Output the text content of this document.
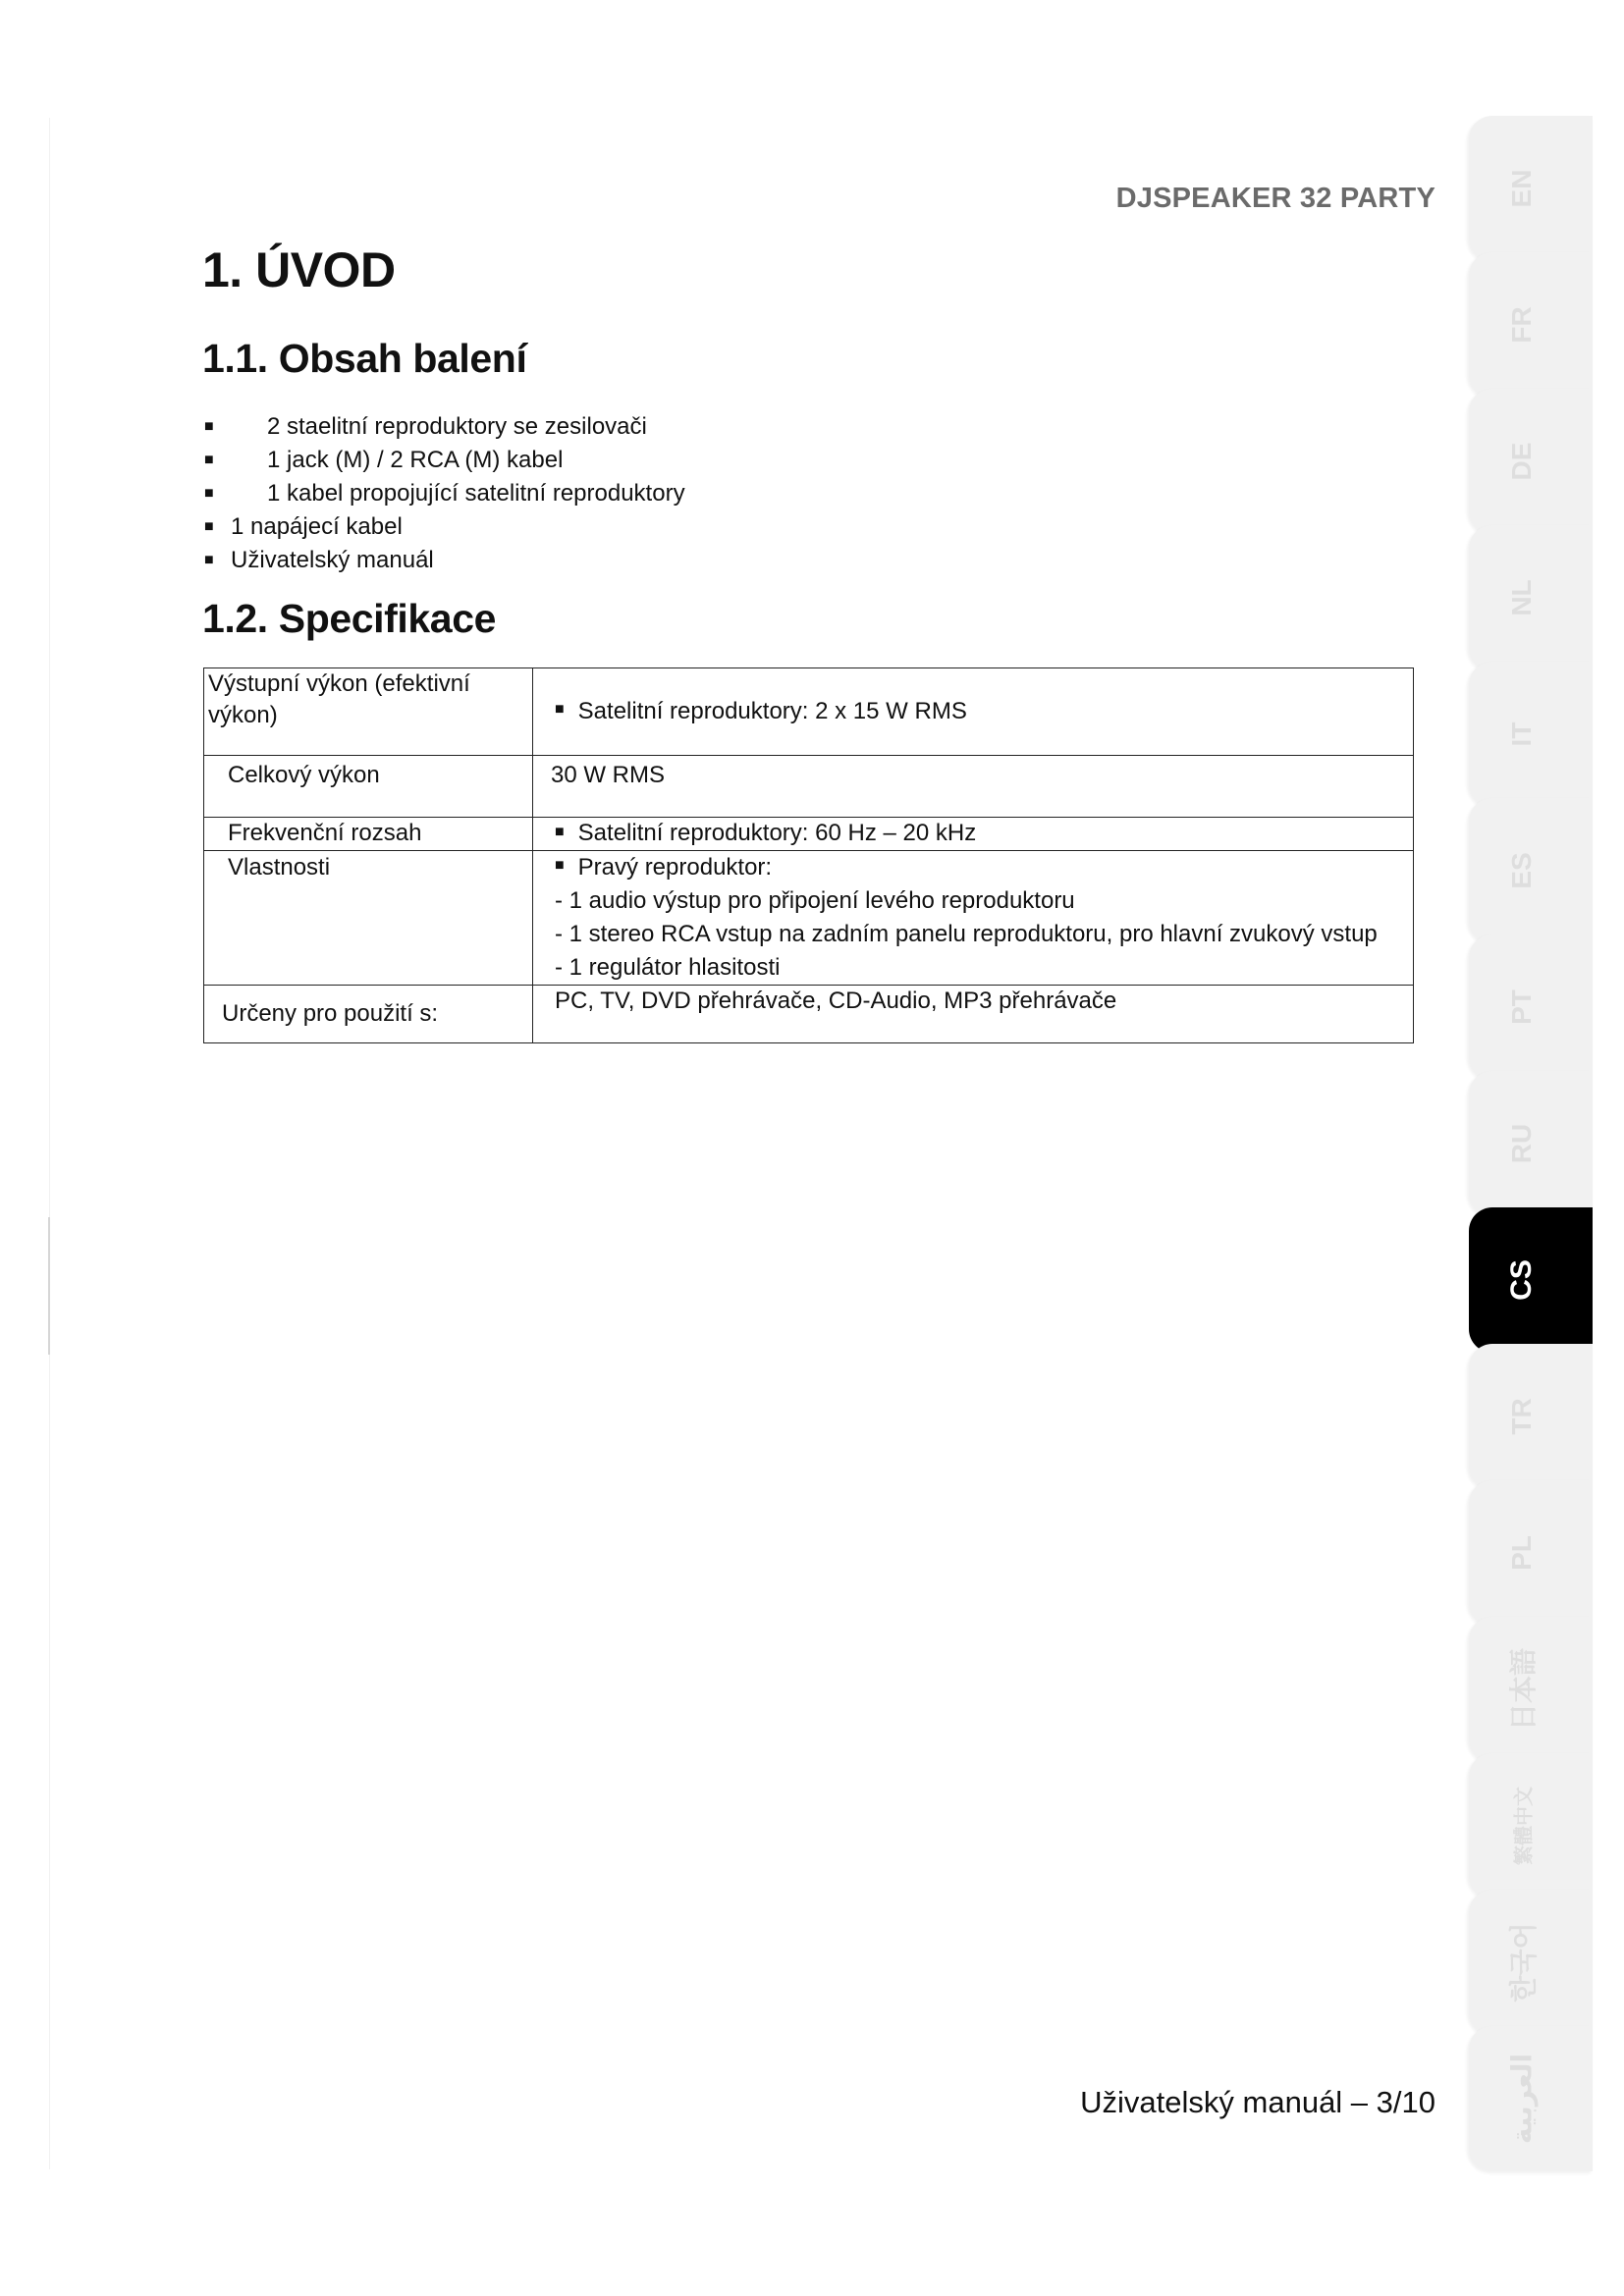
DJSPEAKER 32 PARTY
1. ÚVOD
1.1. Obsah balení
■ 2 staelitní reproduktory se zesilovači
■ 1 jack (M) / 2 RCA (M) kabel
■ 1 kabel propojující satelitní reproduktory
■ 1 napájecí kabel
■ Uživatelský manuál
1.2. Specifikace
Výstupní výkon (efektivní výkon)	■ Satelitní reproduktory: 2 x 15 W RMS
Celkový výkon	30 W RMS
Frekvenční rozsah	■ Satelitní reproduktory: 60 Hz – 20 kHz
Vlastnosti	■ Pravý reproduktor:
- 1 audio výstup pro připojení levého reproduktoru
- 1 stereo RCA vstup na zadním panelu reproduktoru, pro hlavní zvukový vstup
- 1 regulátor hlasitosti

Určeny pro použití s:	PC, TV, DVD přehrávače, CD-Audio, MP3 přehrávače
Uživatelský manuál – 3/10
EN
FR
DE
NL
IT
ES
PT
RU
CS
TR
PL
日本語
繁體中文
한국어
العربية
